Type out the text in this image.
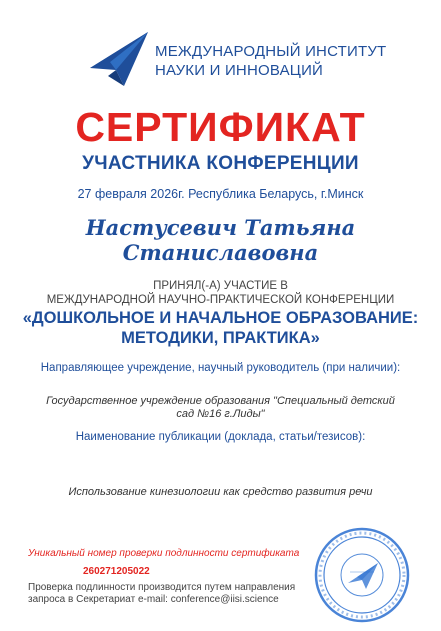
МЕЖДУНАРОДНЫЙ ИНСТИТУТ
НАУКИ И ИННОВАЦИЙ
СЕРТИФИКАТ
УЧАСТНИКА КОНФЕРЕНЦИИ
27 февраля 2026г. Республика Беларусь, г.Минск
Настусевич Татьяна
Станиславовна
ПРИНЯЛ(-А) УЧАСТИЕ В
МЕЖДУНАРОДНОЙ НАУЧНО-ПРАКТИЧЕСКОЙ КОНФЕРЕНЦИИ
«ДОШКОЛЬНОЕ И НАЧАЛЬНОЕ ОБРАЗОВАНИЕ:
МЕТОДИКИ, ПРАКТИКА»
Направляющее учреждение, научный руководитель (при наличии):
Государственное учреждение образования "Специальный детский
сад №16 г.Лиды"
Наименование публикации (доклада, статьи/тезисов):
Использование кинезиологии как средство развития речи
Уникальный номер проверки подлинности сертификата
260271205022
Проверка подлинности производится путем направления
запроса в Секретариат e-mail: conference@iisi.science
